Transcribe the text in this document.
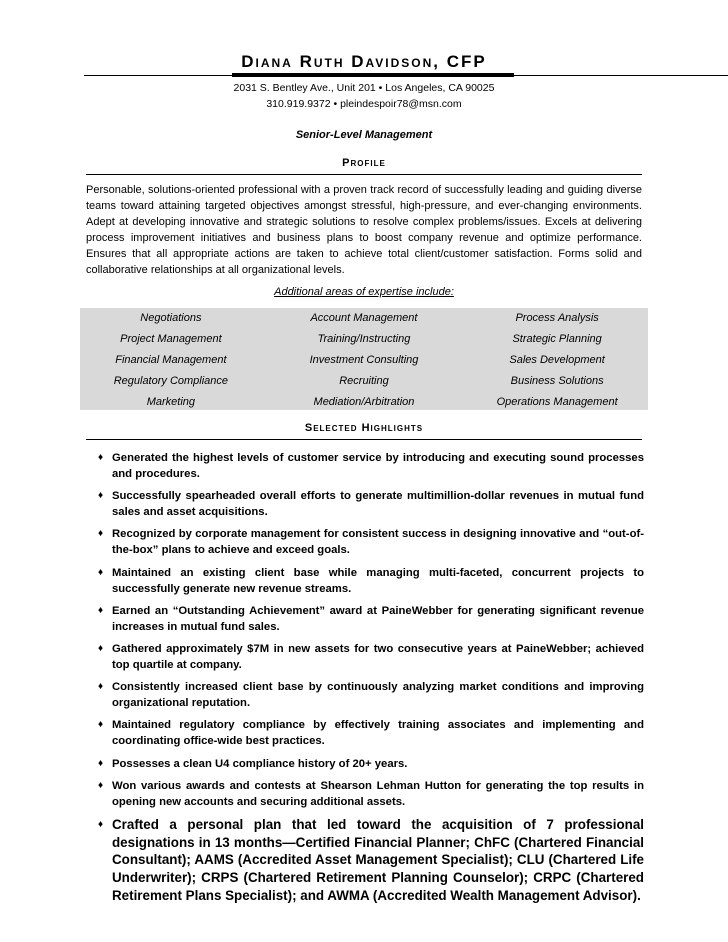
Diana Ruth Davidson, CFP
2031 S. Bentley Ave., Unit 201 • Los Angeles, CA 90025
310.919.9372 • pleindespoir78@msn.com
Senior-Level Management
Profile
Personable, solutions-oriented professional with a proven track record of successfully leading and guiding diverse teams toward attaining targeted objectives amongst stressful, high-pressure, and ever-changing environments. Adept at developing innovative and strategic solutions to resolve complex problems/issues. Excels at delivering process improvement initiatives and business plans to boost company revenue and optimize performance. Ensures that all appropriate actions are taken to achieve total client/customer satisfaction. Forms solid and collaborative relationships at all organizational levels.
Additional areas of expertise include:
Negotiations	Account Management	Process Analysis
Project Management	Training/Instructing	Strategic Planning
Financial Management	Investment Consulting	Sales Development
Regulatory Compliance	Recruiting	Business Solutions
Marketing	Mediation/Arbitration	Operations Management
Selected Highlights
♦ Generated the highest levels of customer service by introducing and executing sound processes and procedures.
♦ Successfully spearheaded overall efforts to generate multimillion-dollar revenues in mutual fund sales and asset acquisitions.
♦ Recognized by corporate management for consistent success in designing innovative and “out-of-the-box” plans to achieve and exceed goals.
♦ Maintained an existing client base while managing multi-faceted, concurrent projects to successfully generate new revenue streams.
♦ Earned an “Outstanding Achievement” award at PaineWebber for generating significant revenue increases in mutual fund sales.
♦ Gathered approximately $7M in new assets for two consecutive years at PaineWebber; achieved top quartile at company.
♦ Consistently increased client base by continuously analyzing market conditions and improving organizational reputation.
♦ Maintained regulatory compliance by effectively training associates and implementing and coordinating office-wide best practices.
♦ Possesses a clean U4 compliance history of 20+ years.
♦ Won various awards and contests at Shearson Lehman Hutton for generating the top results in opening new accounts and securing additional assets.
♦ Crafted a personal plan that led toward the acquisition of 7 professional designations in 13 months—Certified Financial Planner; ChFC (Chartered Financial Consultant); AAMS (Accredited Asset Management Specialist); CLU (Chartered Life Underwriter); CRPS (Chartered Retirement Planning Counselor); CRPC (Chartered Retirement Plans Specialist); and AWMA (Accredited Wealth Management Advisor).
